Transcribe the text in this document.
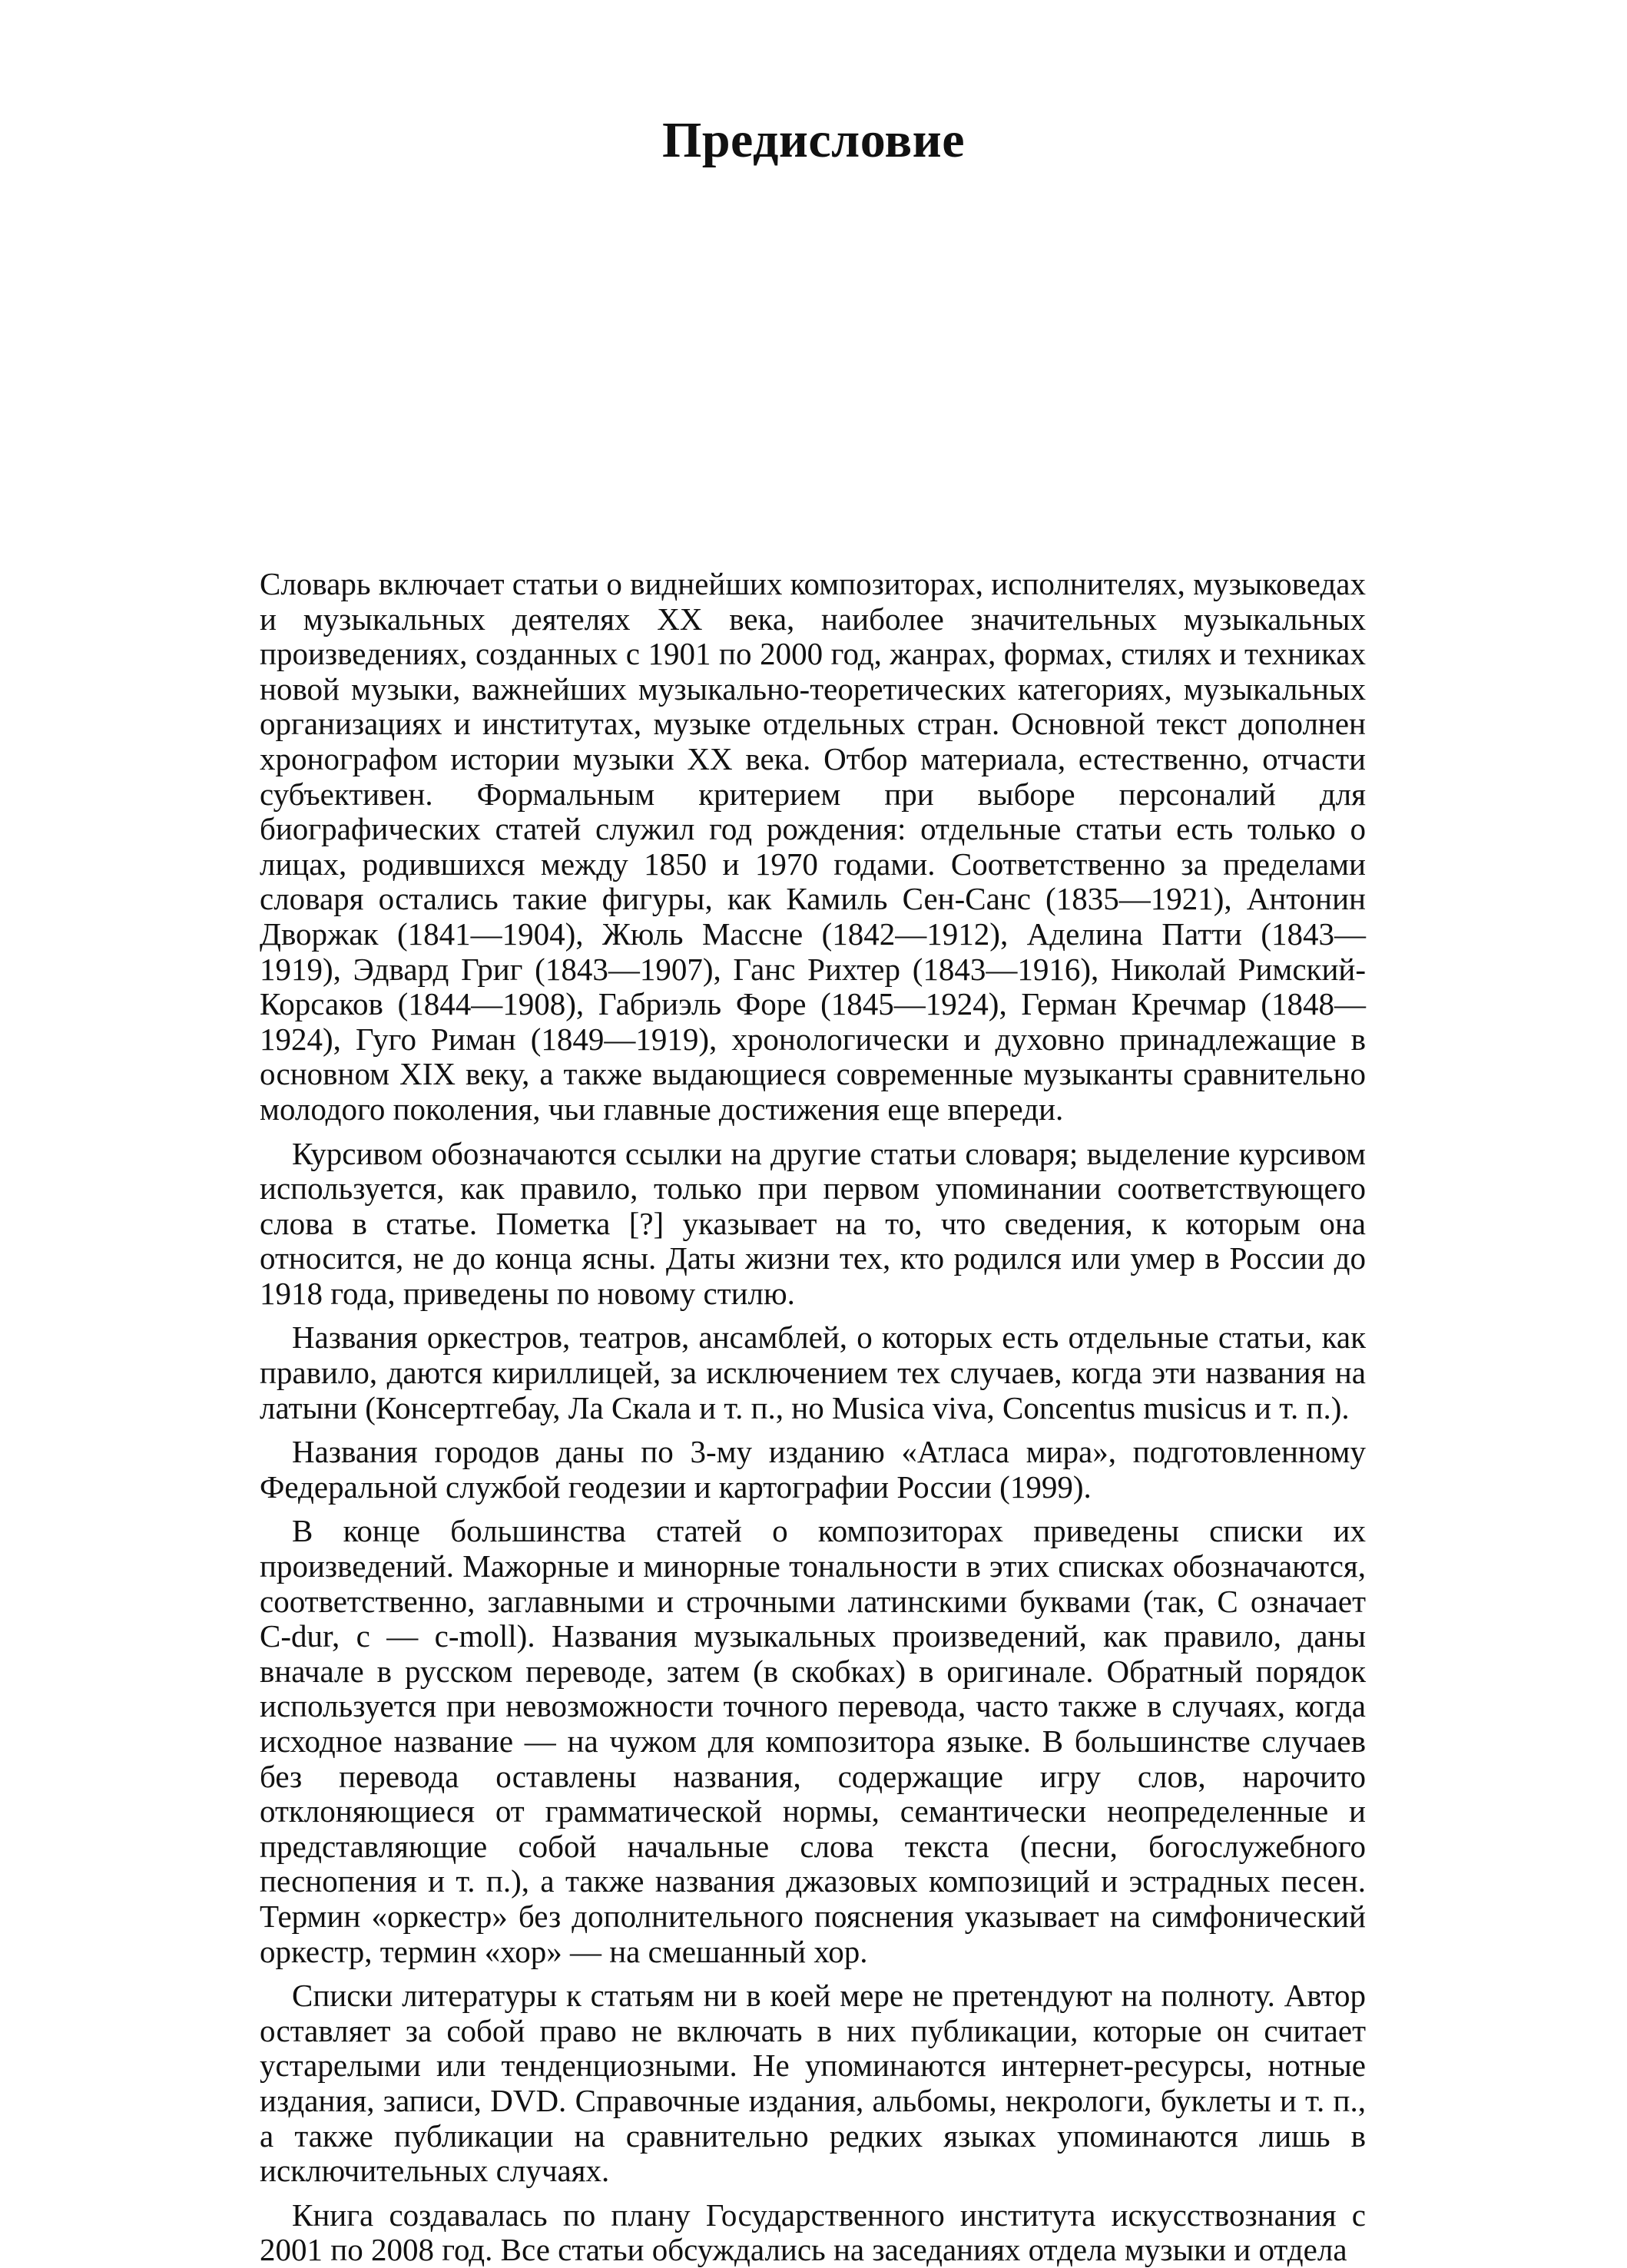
Предисловие

Словарь включает статьи о виднейших композиторах, исполнителях, музыковедах и музыкальных деятелях XX века, наиболее значительных музыкальных произведениях, созданных с 1901 по 2000 год, жанрах, формах, стилях и техниках новой музыки, важнейших музыкально-теоретических категориях, музыкальных организациях и институтах, музыке отдельных стран. Основной текст дополнен хронографом истории музыки XX века. Отбор материала, естественно, отчасти субъективен. Формальным критерием при выборе персоналий для биографических статей служил год рождения: отдельные статьи есть только о лицах, родившихся между 1850 и 1970 годами. Соответственно за пределами словаря остались такие фигуры, как Камиль Сен-Санс (1835—1921), Антонин Дворжак (1841—1904), Жюль Массне (1842—1912), Аделина Патти (1843—1919), Эдвард Григ (1843—1907), Ганс Рихтер (1843—1916), Николай Римский-Корсаков (1844—1908), Габриэль Форе (1845—1924), Герман Кречмар (1848—1924), Гуго Риман (1849—1919), хронологически и духовно принадлежащие в основном XIX веку, а также выдающиеся современные музыканты сравнительно молодого поколения, чьи главные достижения еще впереди.

Курсивом обозначаются ссылки на другие статьи словаря; выделение курсивом используется, как правило, только при первом упоминании соответствующего слова в статье. Пометка [?] указывает на то, что сведения, к которым она относится, не до конца ясны. Даты жизни тех, кто родился или умер в России до 1918 года, приведены по новому стилю.

Названия оркестров, театров, ансамблей, о которых есть отдельные статьи, как правило, даются кириллицей, за исключением тех случаев, когда эти названия на латыни (Консертгебау, Ла Скала и т. п., но Musica viva, Concentus musicus и т. п.).

Названия городов даны по 3-му изданию «Атласа мира», подготовленному Федеральной службой геодезии и картографии России (1999).

В конце большинства статей о композиторах приведены списки их произведений. Мажорные и минорные тональности в этих списках обозначаются, соответственно, заглавными и строчными латинскими буквами (так, C означает C-dur, c — c-moll). Названия музыкальных произведений, как правило, даны вначале в русском переводе, затем (в скобках) в оригинале. Обратный порядок используется при невозможности точного перевода, часто также в случаях, когда исходное название — на чужом для композитора языке. В большинстве случаев без перевода оставлены названия, содержащие игру слов, нарочито отклоняющиеся от грамматической нормы, семантически неопределенные и представляющие собой начальные слова текста (песни, богослужебного песнопения и т. п.), а также названия джазовых композиций и эстрадных песен. Термин «оркестр» без дополнительного пояснения указывает на симфонический оркестр, термин «хор» — на смешанный хор.

Списки литературы к статьям ни в коей мере не претендуют на полноту. Автор оставляет за собой право не включать в них публикации, которые он считает устарелыми или тенденциозными. Не упоминаются интернет-ресурсы, нотные издания, записи, DVD. Справочные издания, альбомы, некрологи, буклеты и т. п., а также публикации на сравнительно редких языках упоминаются лишь в исключительных случаях.

Книга создавалась по плану Государственного института искусствознания с 2001 по 2008 год. Все статьи обсуждались на заседаниях отдела музыки и отдела
